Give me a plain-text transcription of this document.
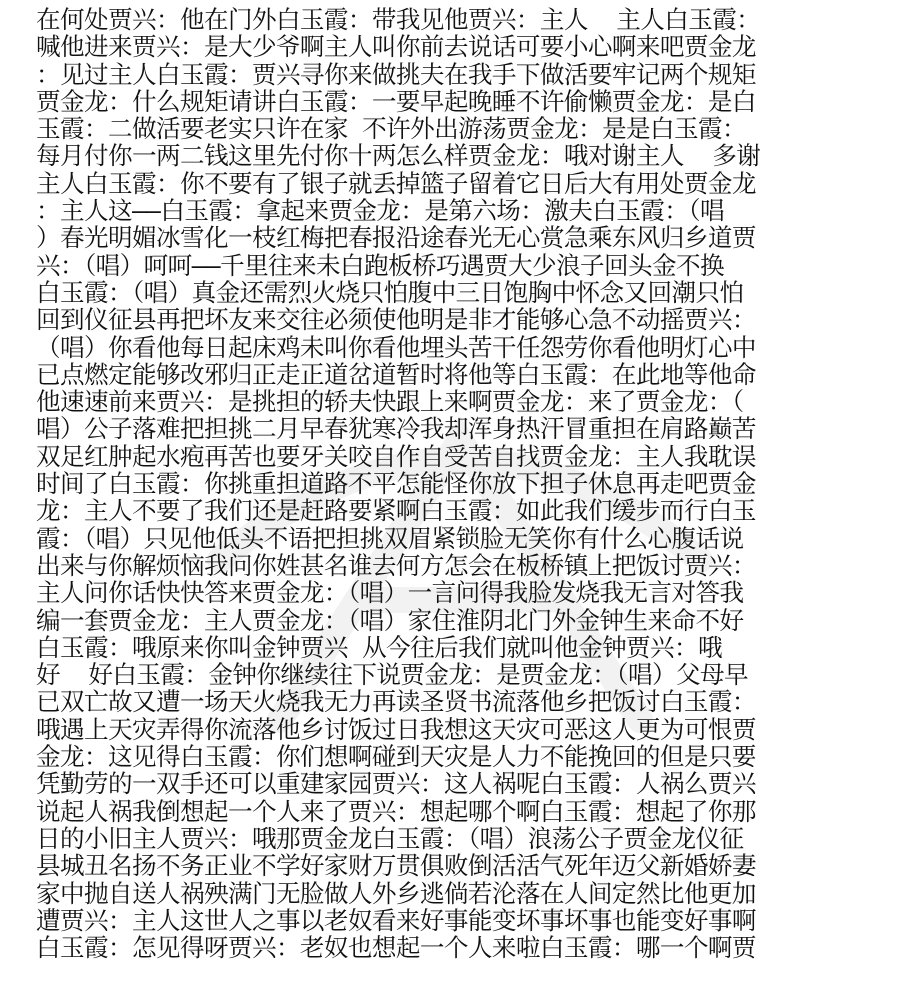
在何处贾兴：他在门外白玉霞：带我见他贾兴：主人  主人白玉霞：
喊他进来贾兴：是大少爷啊主人叫你前去说话可要小心啊来吧贾金龙
：见过主人白玉霞：贾兴寻你来做挑夫在我手下做活要牢记两个规矩
贾金龙：什么规矩请讲白玉霞：一要早起晚睡不许偷懒贾金龙：是白
玉霞：二做活要老实只许在家 不许外出游荡贾金龙：是是白玉霞：
每月付你一两二钱这里先付你十两怎么样贾金龙：哦对谢主人  多谢
主人白玉霞：你不要有了银子就丢掉篮子留着它日后大有用处贾金龙
：主人这——白玉霞：拿起来贾金龙：是第六场：激夫白玉霞：（唱
）春光明媚冰雪化一枝红梅把春报沿途春光无心赏急乘东风归乡道贾
兴：（唱）呵呵——千里往来未白跑板桥巧遇贾大少浪子回头金不换
白玉霞：（唱）真金还需烈火烧只怕腹中三日饱胸中怀念又回潮只怕
回到仪征县再把坏友来交往必须使他明是非才能够心急不动摇贾兴：
（唱）你看他每日起床鸡未叫你看他埋头苦干任怨劳你看他明灯心中
已点燃定能够改邪归正走正道岔道暂时将他等白玉霞：在此地等他命
他速速前来贾兴：是挑担的轿夫快跟上来啊贾金龙：来了贾金龙：（
唱）公子落难把担挑二月早春犹寒冷我却浑身热汗冒重担在肩路巅苦
双足红肿起水疱再苦也要牙关咬自作自受苦自找贾金龙：主人我耽误
时间了白玉霞：你挑重担道路不平怎能怪你放下担子休息再走吧贾金
龙：主人不要了我们还是赶路要紧啊白玉霞：如此我们缓步而行白玉
霞：（唱）只见他低头不语把担挑双眉紧锁脸无笑你有什么心腹话说
出来与你解烦恼我问你姓甚名谁去何方怎会在板桥镇上把饭讨贾兴：
主人问你话快快答来贾金龙：（唱）一言问得我脸发烧我无言对答我
编一套贾金龙：主人贾金龙：（唱）家住淮阴北门外金钟生来命不好
白玉霞：哦原来你叫金钟贾兴 从今往后我们就叫他金钟贾兴：哦
好  好白玉霞：金钟你继续往下说贾金龙：是贾金龙：（唱）父母早
已双亡故又遭一场天火烧我无力再读圣贤书流落他乡把饭讨白玉霞：
哦遇上天灾弄得你流落他乡讨饭过日我想这天灾可恶这人更为可恨贾
金龙：这见得白玉霞：你们想啊碰到天灾是人力不能挽回的但是只要
凭勤劳的一双手还可以重建家园贾兴：这人祸呢白玉霞：人祸么贾兴
说起人祸我倒想起一个人来了贾兴：想起哪个啊白玉霞：想起了你那
日的小旧主人贾兴：哦那贾金龙白玉霞：（唱）浪荡公子贾金龙仪征
县城丑名扬不务正业不学好家财万贯俱败倒活活气死年迈父新婚娇妻
家中抛自送人祸殃满门无脸做人外乡逃倘若沦落在人间定然比他更加
遭贾兴：主人这世人之事以老奴看来好事能变坏事坏事也能变好事啊
白玉霞：怎见得呀贾兴：老奴也想起一个人来啦白玉霞：哪一个啊贾
